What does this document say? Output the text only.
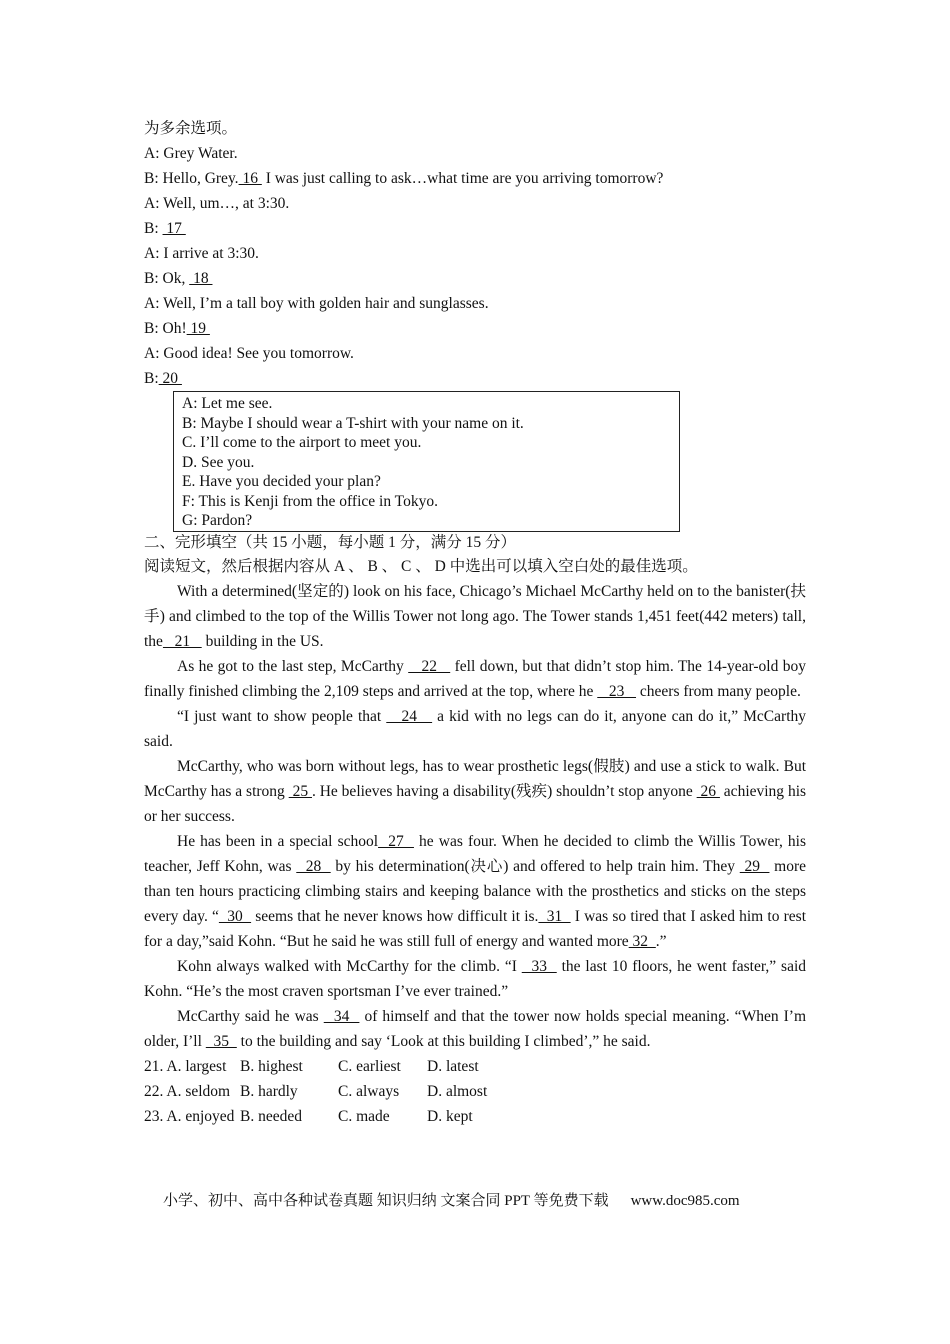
为多余选项。
A: Grey Water.
B: Hello, Grey. 16  I was just calling to ask…what time are you arriving tomorrow?
A: Well, um…, at 3:30.
B:  17
A: I arrive at 3:30.
B: Ok,  18
A: Well, I’m a tall boy with golden hair and sunglasses.
B: Oh! 19
A: Good idea! See you tomorrow.
B: 20
A: Let me see.
B: Maybe I should wear a T-shirt with your name on it.
C. I’ll come to the airport to meet you.
D. See you.
E. Have you decided your plan?
F: This is Kenji from the office in Tokyo.
G: Pardon?
二、完形填空（共 15 小题，每小题 1 分，满分 15 分）
阅读短文，然后根据内容从 A 、 B 、 C 、 D 中选出可以填入空白处的最佳选项。
With a determined(坚定的) look on his face, Chicago’s Michael McCarthy held on to the banister(扶手) and climbed to the top of the Willis Tower not long ago. The Tower stands 1,451 feet(442 meters) tall, the   21    building in the US.
As he got to the last step, McCarthy    22    fell down, but that didn’t stop him. The 14-year-old boy finally finished climbing the 2,109 steps and arrived at the top, where he    23    cheers from many people.
“I just want to show people that    24    a kid with no legs can do it, anyone can do it,” McCarthy said.
McCarthy, who was born without legs, has to wear prosthetic legs(假肢) and use a stick to walk. But McCarthy has a strong  25 . He believes having a disability(残疾) shouldn’t stop anyone  26  achieving his or her success.
He has been in a special school  27   he was four. When he decided to climb the Willis Tower, his teacher, Jeff Kohn, was   28   by his determination(决心) and offered to help train him. They  29   more than ten hours practicing climbing stairs and keeping balance with the prosthetics and sticks on the steps every day. “  30   seems that he never knows how difficult it is.  31   I was so tired that I asked him to rest for a day,”said Kohn. “But he said he was still full of energy and wanted more 32  .”
Kohn always walked with McCarthy for the climb. “I   33   the last 10 floors, he went faster,” said Kohn. “He’s the most craven sportsman I’ve ever trained.”
McCarthy said he was   34   of himself and that the tower now holds special meaning. “When I’m older, I’ll   35   to the building and say ‘Look at this building I climbed’,” he said.
21. A. largest B. highest	C. earliest	D. latest
22. A. seldom B. hardly	C. always	D. almost
23. A. enjoyed B. needed	C. made	D. kept
小学、初中、高中各种试卷真题 知识归纳 文案合同 PPT 等免费下载 www.doc985.com
